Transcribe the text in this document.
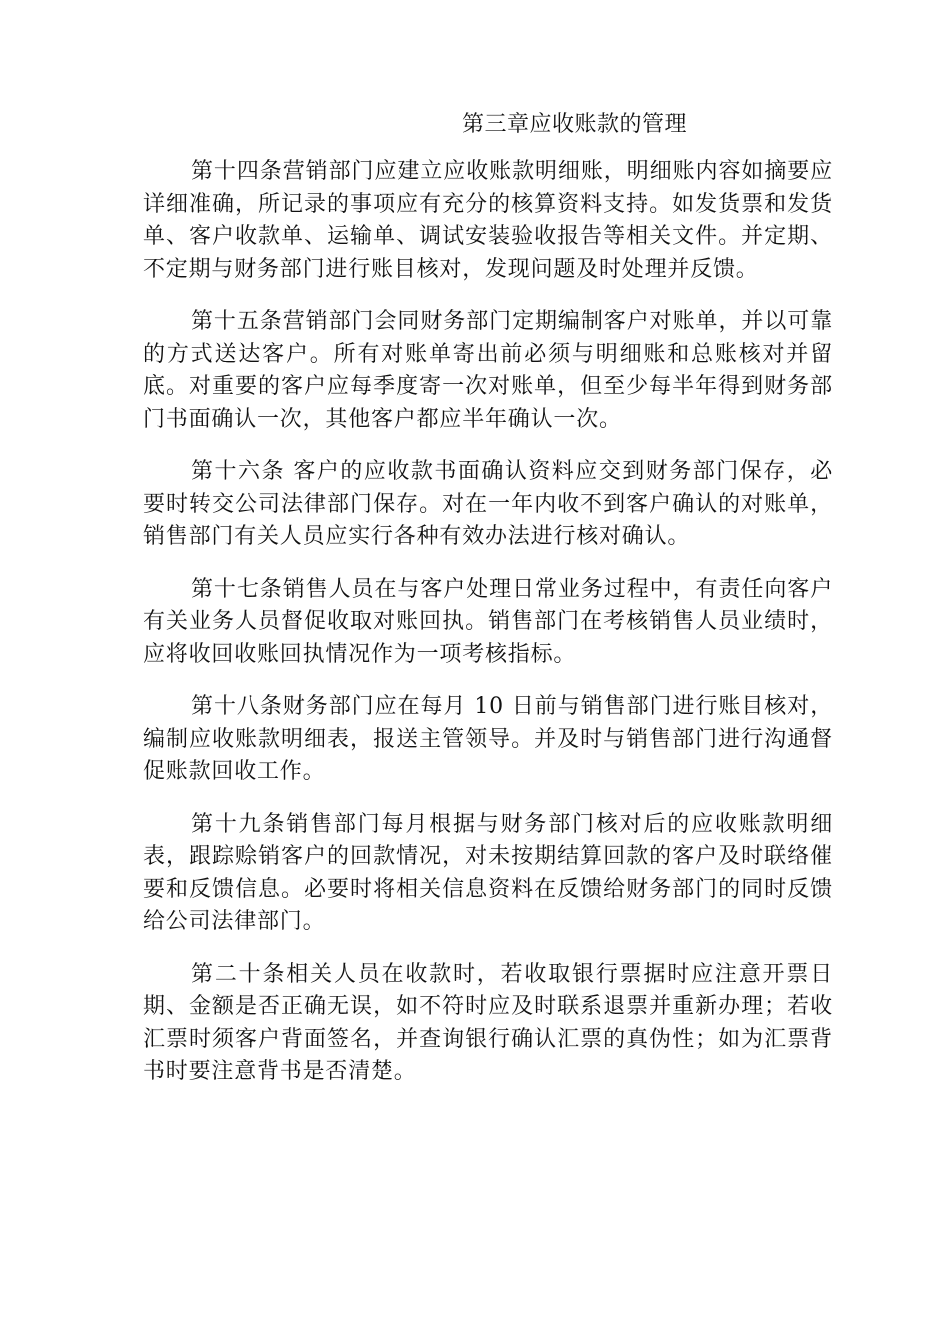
第三章应收账款的管理

第十四条营销部门应建立应收账款明细账，明细账内容如摘要应详细准确，所记录的事项应有充分的核算资料支持。如发货票和发货单、客户收款单、运输单、调试安装验收报告等相关文件。并定期、不定期与财务部门进行账目核对，发现问题及时处理并反馈。

第十五条营销部门会同财务部门定期编制客户对账单，并以可靠的方式送达客户。所有对账单寄出前必须与明细账和总账核对并留底。对重要的客户应每季度寄一次对账单，但至少每半年得到财务部门书面确认一次，其他客户都应半年确认一次。

第十六条 客户的应收款书面确认资料应交到财务部门保存，必要时转交公司法律部门保存。对在一年内收不到客户确认的对账单，销售部门有关人员应实行各种有效办法进行核对确认。

第十七条销售人员在与客户处理日常业务过程中，有责任向客户有关业务人员督促收取对账回执。销售部门在考核销售人员业绩时，应将收回收账回执情况作为一项考核指标。

第十八条财务部门应在每月 10 日前与销售部门进行账目核对，编制应收账款明细表，报送主管领导。并及时与销售部门进行沟通督促账款回收工作。

第十九条销售部门每月根据与财务部门核对后的应收账款明细表，跟踪赊销客户的回款情况，对未按期结算回款的客户及时联络催要和反馈信息。必要时将相关信息资料在反馈给财务部门的同时反馈给公司法律部门。

第二十条相关人员在收款时，若收取银行票据时应注意开票日期、金额是否正确无误，如不符时应及时联系退票并重新办理；若收汇票时须客户背面签名，并查询银行确认汇票的真伪性；如为汇票背书时要注意背书是否清楚。
